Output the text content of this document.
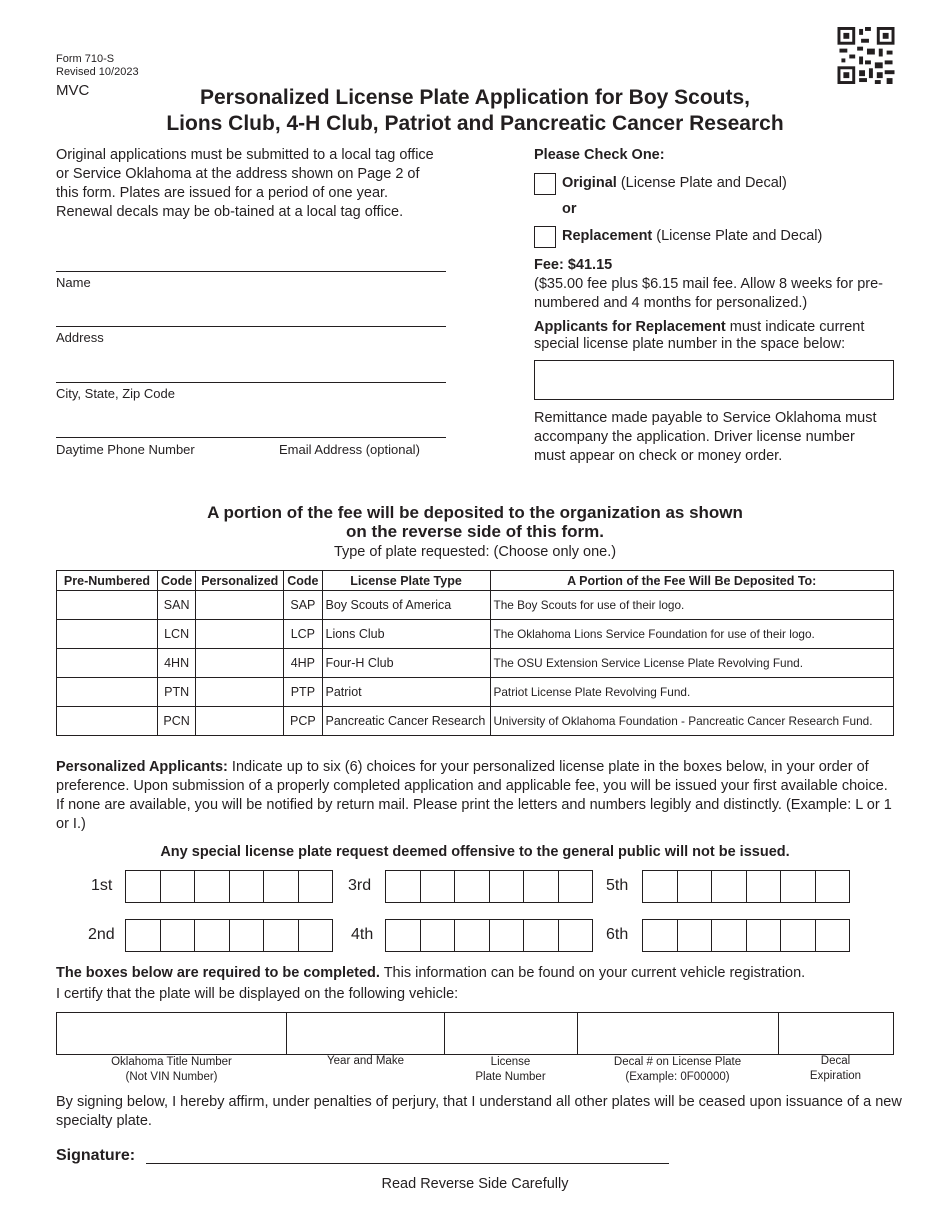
Form 710-S
Revised 10/2023
MVC	Personalized License Plate Application for Boy Scouts,
Lions Club, 4-H Club, Patriot and Pancreatic Cancer Research
Original applications must be submitted to a local tag office or Service Oklahoma at the address shown on Page 2 of this form. Plates are issued for a period of one year. Renewal decals may be ob-tained at a local tag office.
Name
Address
City, State, Zip Code
Daytime Phone Number	Email Address (optional)
Please Check One:
Original (License Plate and Decal)
or
Replacement (License Plate and Decal)
Fee: $41.15
($35.00 fee plus $6.15 mail fee. Allow 8 weeks for pre-numbered and 4 months for personalized.)
Applicants for Replacement must indicate current special license plate number in the space below:
Remittance made payable to Service Oklahoma must accompany the application. Driver license number must appear on check or money order.
A portion of the fee will be deposited to the organization as shown
on the reverse side of this form.
Type of plate requested: (Choose only one.)
Pre-Numbered	Code	Personalized	Code	License Plate Type	A Portion of the Fee Will Be Deposited To:
	SAN		SAP	Boy Scouts of America	The Boy Scouts for use of their logo.
	LCN		LCP	Lions Club	The Oklahoma Lions Service Foundation for use of their logo.
	4HN		4HP	Four-H Club	The OSU Extension Service License Plate Revolving Fund.
	PTN		PTP	Patriot	Patriot License Plate Revolving Fund.
	PCN		PCP	Pancreatic Cancer Research	University of Oklahoma Foundation - Pancreatic Cancer Research Fund.
Personalized Applicants: Indicate up to six (6) choices for your personalized license plate in the boxes below, in your order of preference. Upon submission of a properly completed application and applicable fee, you will be issued your first available choice. If none are available, you will be notified by return mail. Please print the letters and numbers legibly and distinctly. (Example: L or 1 or I.)
Any special license plate request deemed offensive to the general public will not be issued.
1st	3rd	5th
2nd	4th	6th
The boxes below are required to be completed. This information can be found on your current vehicle registration.
I certify that the plate will be displayed on the following vehicle:
Oklahoma Title Number
(Not VIN Number)
Year and Make	License
Plate Number
Decal # on License Plate
(Example: 0F00000)
Decal
Expiration
By signing below, I hereby affirm, under penalties of perjury, that I understand all other plates will be ceased upon issuance of a new specialty plate.
Signature:
Read Reverse Side Carefully
